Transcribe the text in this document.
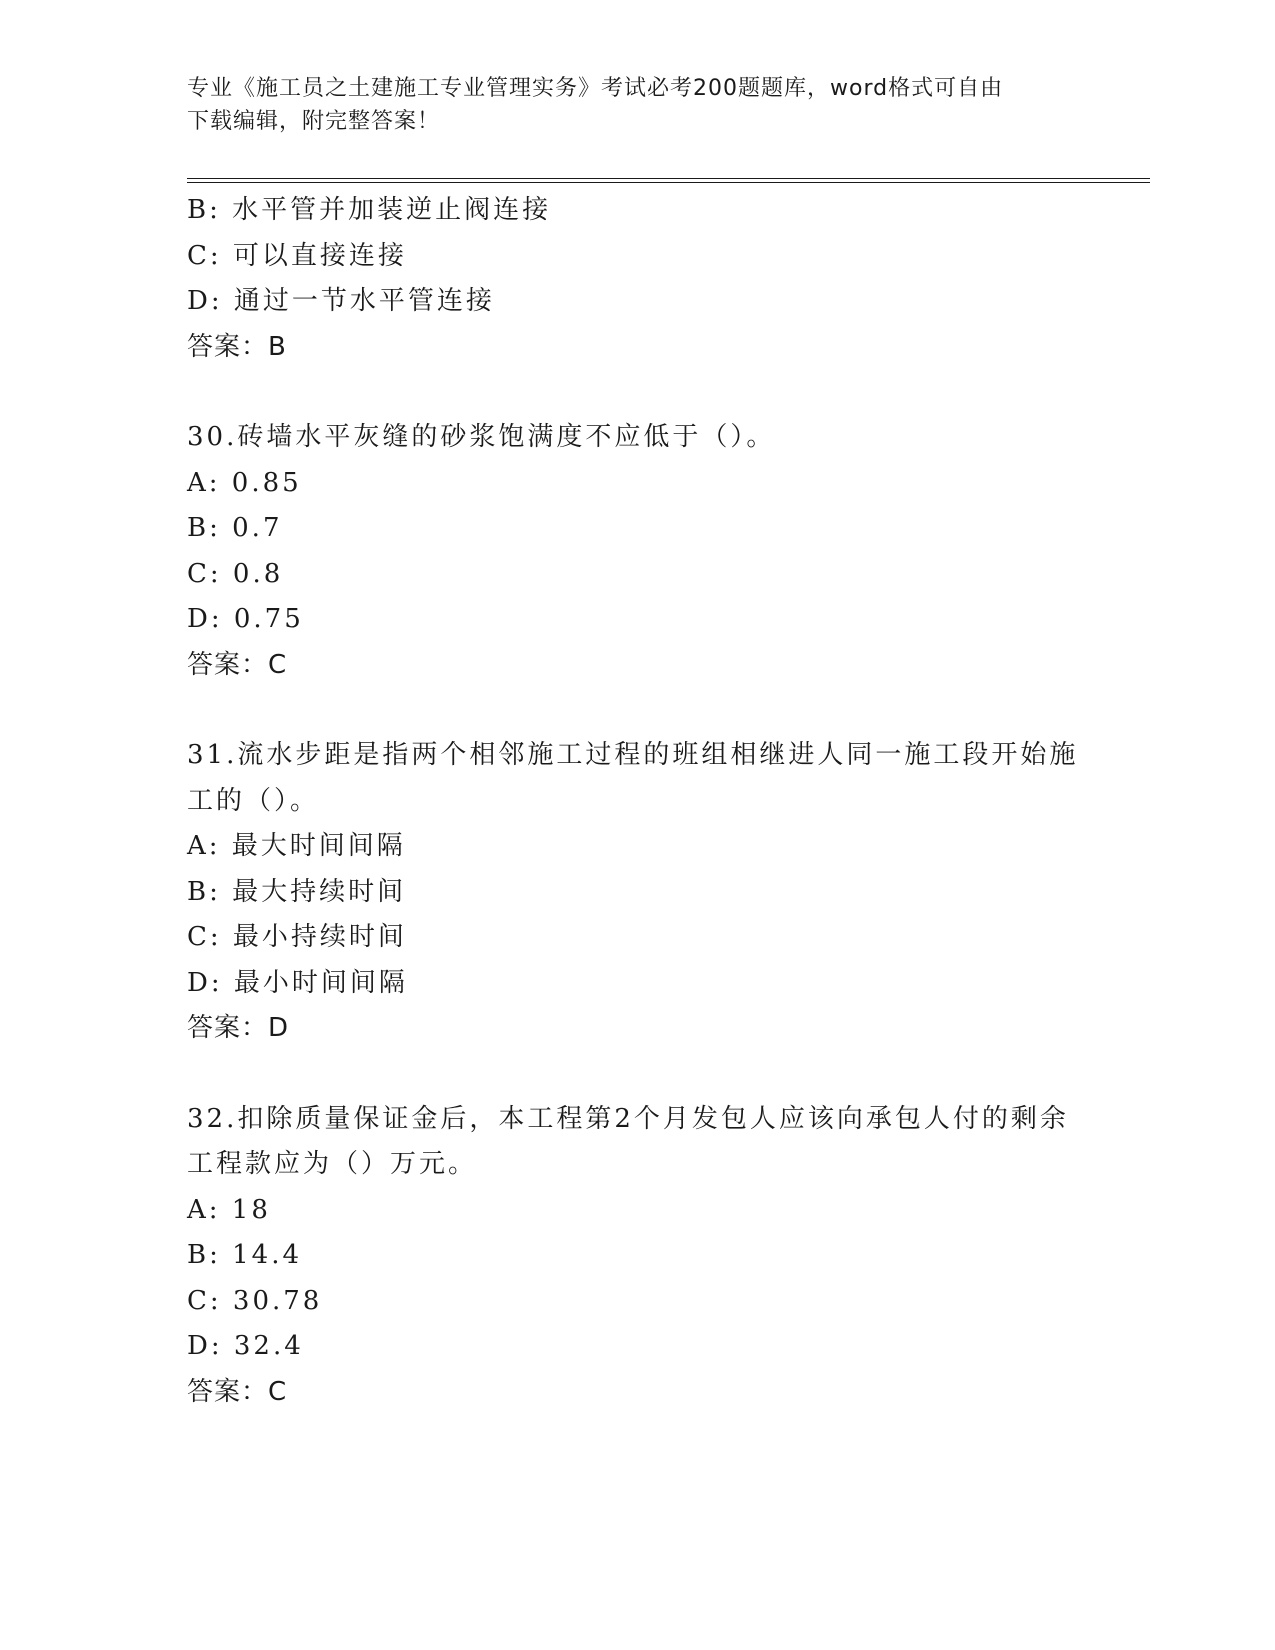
专业《施工员之土建施工专业管理实务》考试必考200题题库，word格式可自由
下载编辑，附完整答案！
B: 水平管并加装逆止阀连接
C: 可以直接连接
D: 通过一节水平管连接
答案：B
30.砖墙水平灰缝的砂浆饱满度不应低于（）。
A: 0.85
B: 0.7
C: 0.8
D: 0.75
答案：C
31.流水步距是指两个相邻施工过程的班组相继进人同一施工段开始施
工的（）。
A: 最大时间间隔
B: 最大持续时间
C: 最小持续时间
D: 最小时间间隔
答案：D
32.扣除质量保证金后，本工程第2个月发包人应该向承包人付的剩余
工程款应为（）万元。
A: 18
B: 14.4
C: 30.78
D: 32.4
答案：C
